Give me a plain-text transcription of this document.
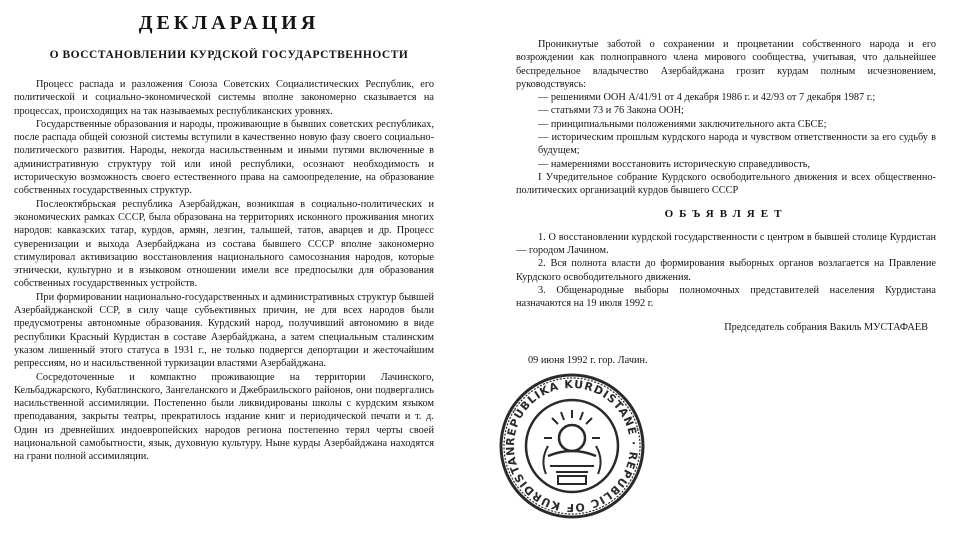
ДЕКЛАРАЦИЯ
О ВОССТАНОВЛЕНИИ КУРДСКОЙ ГОСУДАРСТВЕННОСТИ

Процесс распада и разложения Союза Советских Социалистических Республик, его политической и социально-экономической системы вполне закономерно сказывается на процессах, происходящих на так называемых республиканских уровнях.

Государственные образования и народы, проживающие в бывших советских республиках, после распада общей союзной системы вступили в качественно новую фазу своего социально-политического развития. Народы, некогда насильственным и иными путями включенные в административную структуру той или иной республики, осознают необходимость и историческую возможность своего естественного права на самоопределение, на образование собственных государственных структур.

Послеоктябрьская республика Азербайджан, возникшая в социально-политических и экономических рамках СССР, была образована на территориях исконного проживания многих народов: кавказских татар, курдов, армян, лезгин, талышей, татов, аварцев и др. Процесс суверенизации и выхода Азербайджана из состава бывшего СССР вполне закономерно стимулировал активизацию восстановления национального самосознания народов, которые этнически, культурно и в языковом отношении имели все предпосылки для образования собственных государственных устройств.

При формировании национально-государственных и административных структур бывшей Азербайджанской ССР, в силу чаще субъективных причин, не для всех народов были предусмотрены автономные образования. Курдский народ, получивший автономию в виде республики Красный Курдистан в составе Азербайджана, а затем специальным сталинским указом лишенный этого статуса в 1931 г., не только подвергся депортации и жесточайшим репрессиям, но и насильственной туркизации властями Азербайджана.

Сосредоточенные и компактно проживающие на территории Лачинского, Кельбаджарского, Кубатлинского, Зангеланского и Джебраильского районов, они подвергались насильственной ассимиляции. Постепенно были ликвидированы школы с курдским языком преподавания, закрыты театры, прекратилось издание книг и периодической печати и т. д. Один из древнейших индоевропейских народов региона постепенно терял черты своей национальной самобытности, язык, духовную культуру. Ныне курды Азербайджана находятся на грани полной ассимиляции.

Проникнутые заботой о сохранении и процветании собственного народа и его возрождении как полноправного члена мирового сообщества, учитывая, что дальнейшее беспредельное владычество Азербайджана грозит курдам полным исчезновением, руководствуясь:

— решениями ООН А/41/91 от 4 декабря 1986 г. и 42/93 от 7 декабря 1987 г.;

— статьями 73 и 76 Закона ООН;

— принципиальными положениями заключительного акта СБСЕ;

— историческим прошлым курдского народа и чувством ответственности за его судьбу в будущем;

— намерениями восстановить историческую справедливость,

I Учредительное собрание Курдского освободительного движения и всех общественно-политических организаций курдов бывшего СССР

ОБЪЯВЛЯЕТ

1. О восстановлении курдской государственности с центром в бывшей столице Курдистан — городом Лачином.

2. Вся полнота власти до формирования выборных органов возлагается на Правление Курдского освободительного движения.

3. Общенародные выборы полномочных представителей населения Курдистана назначаются на 19 июля 1992 г.

Председатель собрания Вакиль МУСТАФАЕВ

09 июня 1992 г. гор. Лачин.

REPÛBLIKA KURDISTANÊ · REPUBLIC OF KURDISTAN
